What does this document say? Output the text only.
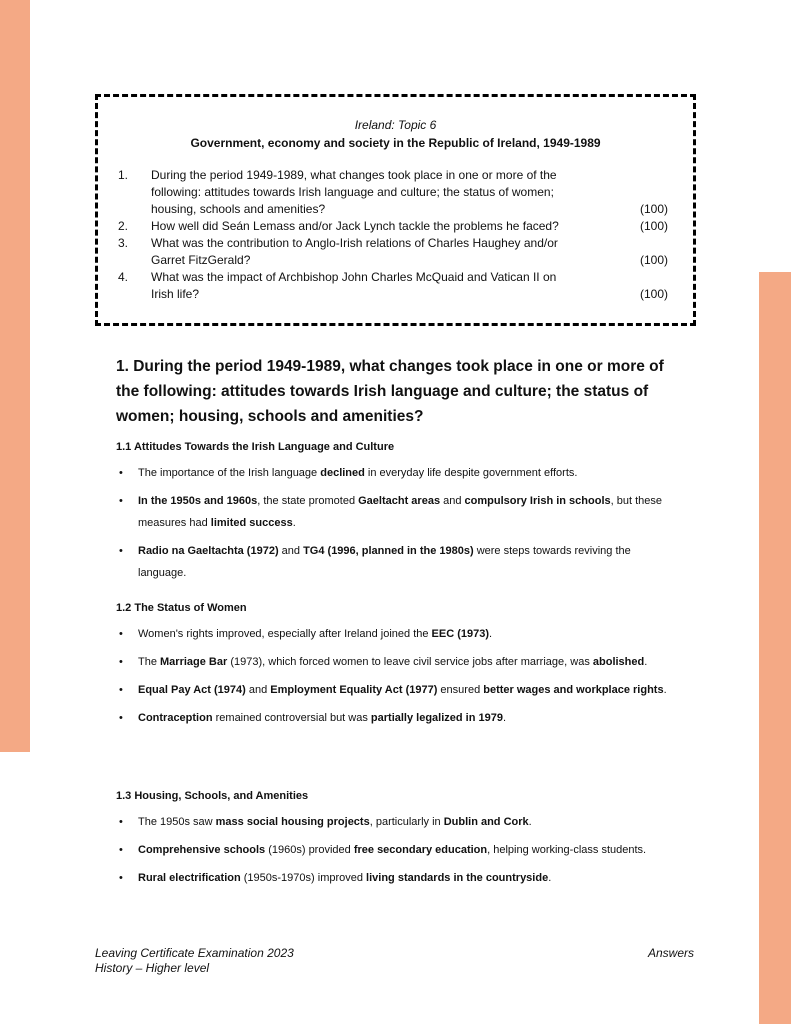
Ireland: Topic 6
Government, economy and society in the Republic of Ireland, 1949-1989
1.	During the period 1949-1989, what changes took place in one or more of the
following: attitudes towards Irish language and culture; the status of women;
housing, schools and amenities?	(100)
2.	How well did Seán Lemass and/or Jack Lynch tackle the problems he faced?	(100)
3.	What was the contribution to Anglo-Irish relations of Charles Haughey and/or
Garret FitzGerald?	(100)
4.	What was the impact of Archbishop John Charles McQuaid and Vatican II on
Irish life?	(100)
1. During the period 1949-1989, what changes took place in one or more of the following: attitudes towards Irish language and culture; the status of women; housing, schools and amenities?
1.1 Attitudes Towards the Irish Language and Culture
• The importance of the Irish language declined in everyday life despite government efforts.
• In the 1950s and 1960s, the state promoted Gaeltacht areas and compulsory Irish in schools, but these measures had limited success.
• Radio na Gaeltachta (1972) and TG4 (1996, planned in the 1980s) were steps towards reviving the language.
1.2 The Status of Women
• Women's rights improved, especially after Ireland joined the EEC (1973).
• The Marriage Bar (1973), which forced women to leave civil service jobs after marriage, was abolished.
• Equal Pay Act (1974) and Employment Equality Act (1977) ensured better wages and workplace rights.
• Contraception remained controversial but was partially legalized in 1979.
1.3 Housing, Schools, and Amenities
• The 1950s saw mass social housing projects, particularly in Dublin and Cork.
• Comprehensive schools (1960s) provided free secondary education, helping working-class students.
• Rural electrification (1950s-1970s) improved living standards in the countryside.
Leaving Certificate Examination 2023
History – Higher level
Answers
